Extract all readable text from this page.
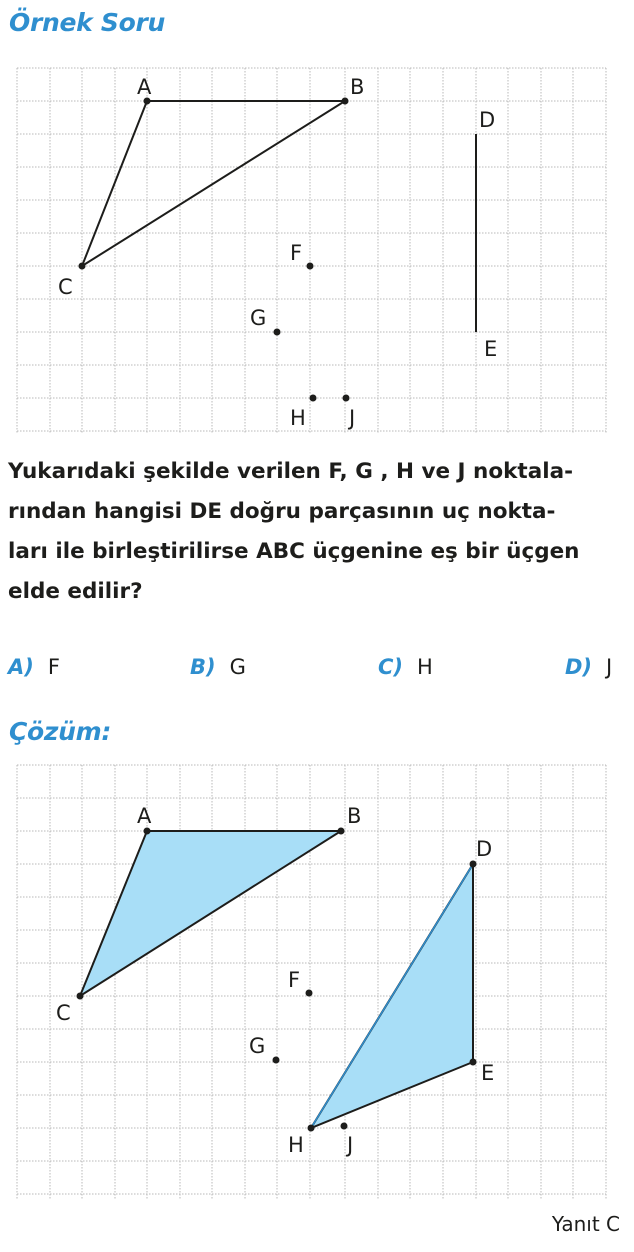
Örnek Soru
A	B
C
D
E
F
G
H J
Yukarıdaki şekilde verilen F, G , H ve J noktala-
rından hangisi DE doğru parçasının uç nokta-
ları ile birleştirilirse ABC üçgenine eş bir üçgen
elde edilir?
A) F	B) G	C) H	D) J
Çözüm:
A	B
C
D
E
F
G
H J
Yanıt C
